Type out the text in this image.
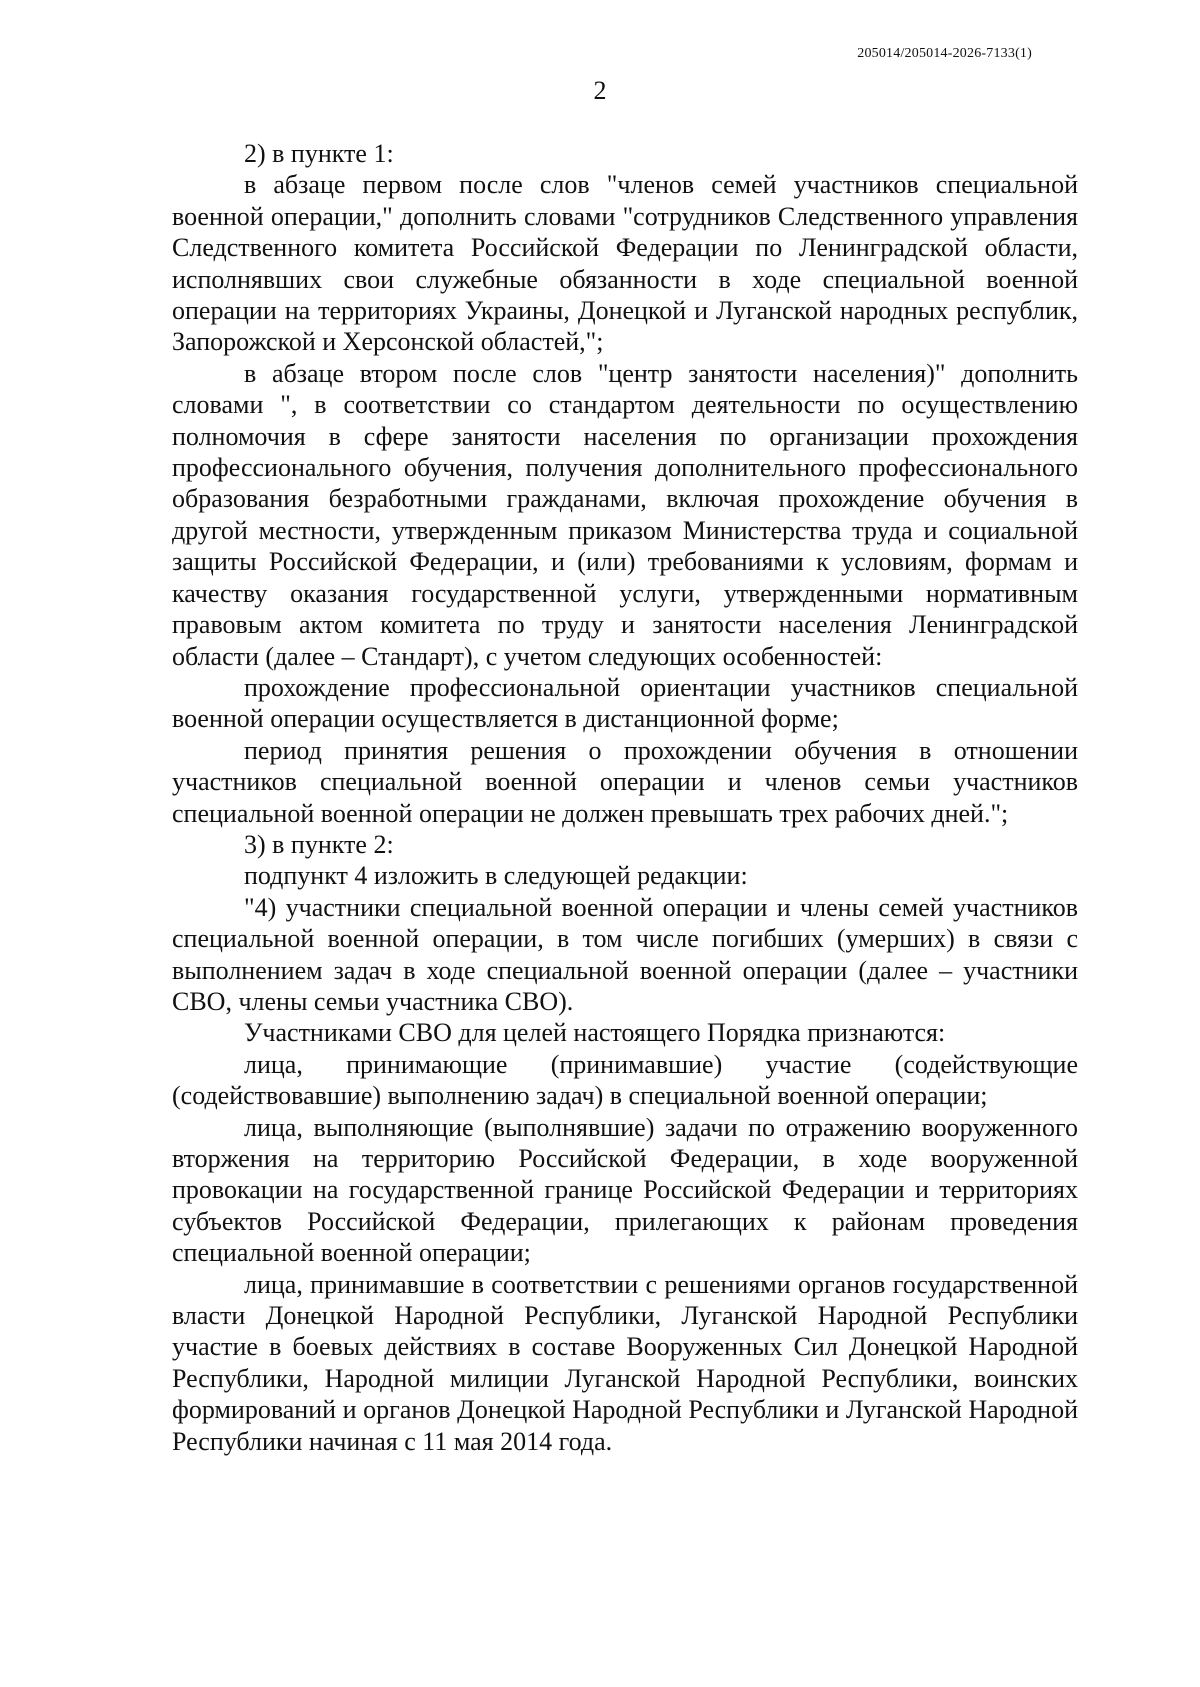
205014/205014-2026-7133(1)
2

2) в пункте 1:

в абзаце первом после слов "членов семей участников специальной военной операции," дополнить словами "сотрудников Следственного управления Следственного комитета Российской Федерации по Ленинградской области, исполнявших свои служебные обязанности в ходе специальной военной операции на территориях Украины, Донецкой и Луганской народных республик, Запорожской и Херсонской областей,";

в абзаце втором после слов "центр занятости населения)" дополнить словами ", в соответствии со стандартом деятельности по осуществлению полномочия в сфере занятости населения по организации прохождения профессионального обучения, получения дополнительного профессионального образования безработными гражданами, включая прохождение обучения в другой местности, утвержденным приказом Министерства труда и социальной защиты Российской Федерации, и (или) требованиями к условиям, формам и качеству оказания государственной услуги, утвержденными нормативным правовым актом комитета по труду и занятости населения Ленинградской области (далее – Стандарт), с учетом следующих особенностей:

прохождение профессиональной ориентации участников специальной военной операции осуществляется в дистанционной форме;

период принятия решения о прохождении обучения в отношении участников специальной военной операции и членов семьи участников специальной военной операции не должен превышать трех рабочих дней.";

3) в пункте 2:

подпункт 4 изложить в следующей редакции:

"4) участники специальной военной операции и члены семей участников специальной военной операции, в том числе погибших (умерших) в связи с выполнением задач в ходе специальной военной операции (далее – участники СВО, члены семьи участника СВО).

Участниками СВО для целей настоящего Порядка признаются:

лица, принимающие (принимавшие) участие (содействующие (содействовавшие) выполнению задач) в специальной военной операции;

лица, выполняющие (выполнявшие) задачи по отражению вооруженного вторжения на территорию Российской Федерации, в ходе вооруженной провокации на государственной границе Российской Федерации и территориях субъектов Российской Федерации, прилегающих к районам проведения специальной военной операции;

лица, принимавшие в соответствии с решениями органов государственной власти Донецкой Народной Республики, Луганской Народной Республики участие в боевых действиях в составе Вооруженных Сил Донецкой Народной Республики, Народной милиции Луганской Народной Республики, воинских формирований и органов Донецкой Народной Республики и Луганской Народной Республики начиная с 11 мая 2014 года.
